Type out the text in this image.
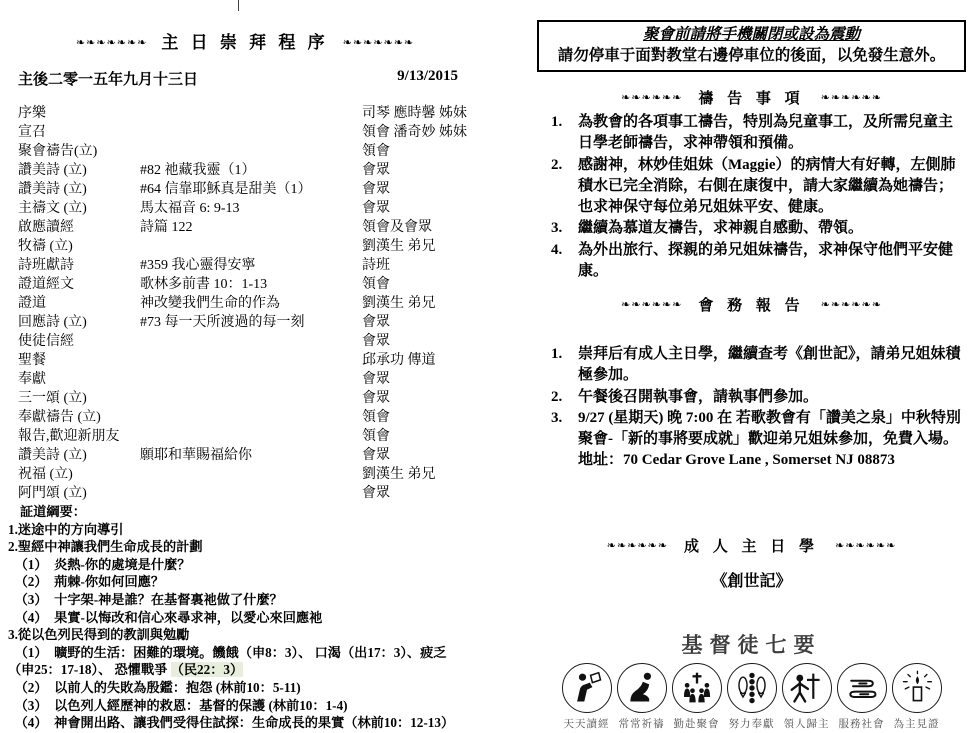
❧❧❧❧❧❧❧ 主 日 崇 拜 程 序 ❧❧❧❧❧❧❧
主後二零一五年九月十三日	9/13/2015
序樂	司琴 應時馨 姊妹
宣召	領會 潘奇妙 姊妹
聚會禱告(立)	領會
讚美詩 (立)	#82 祂藏我靈（1）	會眾
讚美詩 (立)	#64 信靠耶穌真是甜美（1）	會眾
主禱文 (立)	馬太福音 6: 9-13	會眾
啟應讀經	詩篇 122	領會及會眾
牧禱 (立)	劉漢生 弟兄
詩班獻詩	#359 我心靈得安寧	詩班
證道經文	歌林多前書 10：1-13	領會
證道	神改變我們生命的作為	劉漢生 弟兄
回應詩 (立)	#73 每一天所渡過的每一刻	會眾
使徒信經	會眾
聖餐	邱承功 傳道
奉獻	會眾
三一頌 (立)	會眾
奉獻禱告 (立)	領會
報告,歡迎新朋友	領會
讚美詩 (立)	願耶和華賜福給你	會眾
祝福 (立)	劉漢生 弟兄
阿門頌 (立)	會眾
証道綱要：
1.迷途中的方向導引
2.聖經中神讓我們生命成長的計劃
（1）  炎熱-你的處境是什麼？
（2）  荊棘-你如何回應？
（3）  十字架-神是誰？在基督裏祂做了什麼？
（4）  果實-以悔改和信心來尋求神，以愛心來回應祂
3.從以色列民得到的教訓與勉勵
（1）  曠野的生活：困難的環境。饑餓（申8：3）、 口渴（出17：3）、疲乏
（申25：17-18）、 恐懼戰爭 （民22：3）
（2）  以前人的失敗為殷鑑：抱怨 (林前10：5-11)
（3）  以色列人經歷神的救恩：基督的保護 (林前10：1-4)
（4）  神會開出路、讓我們受得住試探：生命成長的果實（林前10：12-13）
聚會前請將手機關閉或設為震動
請勿停車于面對教堂右邊停車位的後面，以免發生意外。
❧❧❧❧❧❧ 禱 告 事 項 ❧❧❧❧❧❧
1.	為教會的各項事工禱告，特別為兒童事工，及所需兒童主日學老師禱告，求神帶領和預備。
2.	感謝神，林妙佳姐妹（Maggie）的病情大有好轉，左側肺積水已完全消除，右側在康復中，請大家繼續為她禱告；也求神保守每位弟兄姐妹平安、健康。
3.	繼續為慕道友禱告，求神親自感動、帶領。
4.	為外出旅行、探親的弟兄姐妹禱告，求神保守他們平安健康。
❧❧❧❧❧❧ 會 務 報 告 ❧❧❧❧❧❧
1.	崇拜后有成人主日學，繼續查考《創世記》，請弟兄姐妹積極參加。
2.	午餐後召開執事會，請執事們參加。
3.	9/27 (星期天) 晚 7:00 在 若歌教會有「讚美之泉」中秋特別聚會-「新的事將要成就」歡迎弟兄姐妹參加，免費入場。 地址：70 Cedar Grove Lane , Somerset NJ 08873
❧❧❧❧❧❧ 成 人 主 日 學 ❧❧❧❧❧❧
《創世記》
基督徒七要
天天讀經 常常祈禱 勤赴聚會 努力奉獻 領人歸主 服務社會 為主見證
